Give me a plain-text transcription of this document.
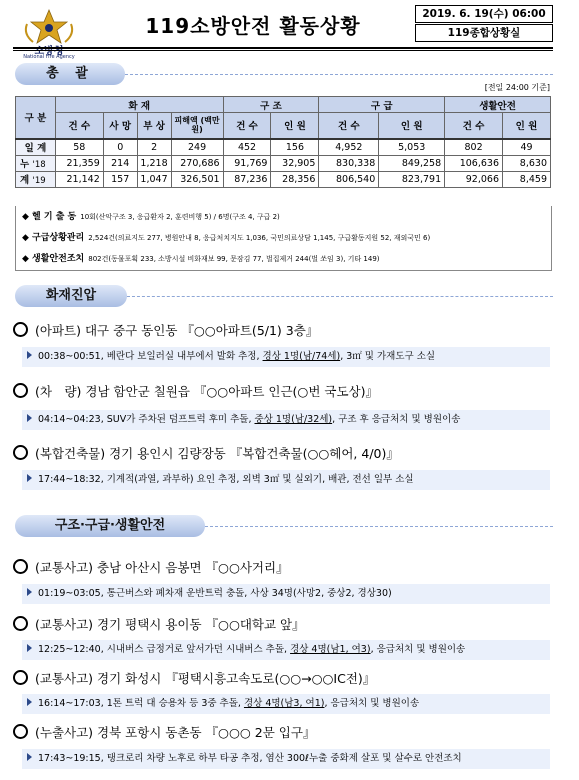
소방청
National Fire Agency
119소방안전 활동상황	2019. 6. 19(수) 06:00
119종합상황실
총 괄
[전일 24:00 기준]
구 분	화 재				구 조		구 급		생활안전	
	건 수	사 망	부 상	피해액 (백만원)	건 수	인 원	건 수	인 원	건 수	인 원
일 계	58	0	2	249	452	156	4,952	5,053	802	49
누 '18	21,359	214	1,218	270,686	91,769	32,905	830,338	849,258	106,636	8,630
계 '19	21,142	157	1,047	326,501	87,236	28,356	806,540	823,791	92,066	8,459
◆ 헬 기 출 동 10회(산악구조 3, 응급환자 2, 훈련비행 5) / 6명(구조 4, 구급 2)
◆ 구급상황관리 2,524건(의료지도 277, 병원안내 8, 응급처치지도 1,036, 국민의료상담 1,145, 구급활동지원 52, 재외국민 6)
◆ 생활안전조치 802건(동물포획 233, 소방시설 비화재보 99, 문잠김 77, 벌집제거 244(벌 쏘임 3), 기타 149)
화재진압
(아파트) 대구 중구 동인동 『○○아파트(5/1) 3층』
00:38~00:51, 베란다 보일러실 내부에서 발화 추정, 경상 1명(남/74세), 3㎡ 및 가재도구 소실
(차　량) 경남 함안군 칠원읍 『○○아파트 인근(○번 국도상)』
04:14~04:23, SUV가 주차된 덤프트럭 후미 추돌, 중상 1명(남/32세), 구조 후 응급처치 및 병원이송
(복합건축물) 경기 용인시 김량장동 『복합건축물(○○헤어, 4/0)』
17:44~18:32, 기계적(과열, 과부하) 요인 추정, 외벽 3㎡ 및 실외기, 배관, 전선 일부 소실
구조·구급·생활안전
(교통사고) 충남 아산시 음봉면 『○○사거리』
01:19~03:05, 통근버스와 폐차재 운반트럭 충돌, 사상 34명(사망2, 중상2, 경상30)
(교통사고) 경기 평택시 용이동 『○○대학교 앞』
12:25~12:40, 시내버스 급정거로 앞서가던 시내버스 추돌, 경상 4명(남1, 여3), 응급처치 및 병원이송
(교통사고) 경기 화성시 『평택시흥고속도로(○○→○○IC전)』
16:14~17:03, 1톤 트럭 대 승용차 등 3중 추돌, 경상 4명(남3, 여1), 응급처치 및 병원이송
(누출사고) 경북 포항시 동촌동 『○○○ 2문 입구』
17:43~19:15, 탱크로리 차량 노후로 하부 타공 추정, 염산 300ℓ누출 중화제 살포 및 살수로 안전조치
